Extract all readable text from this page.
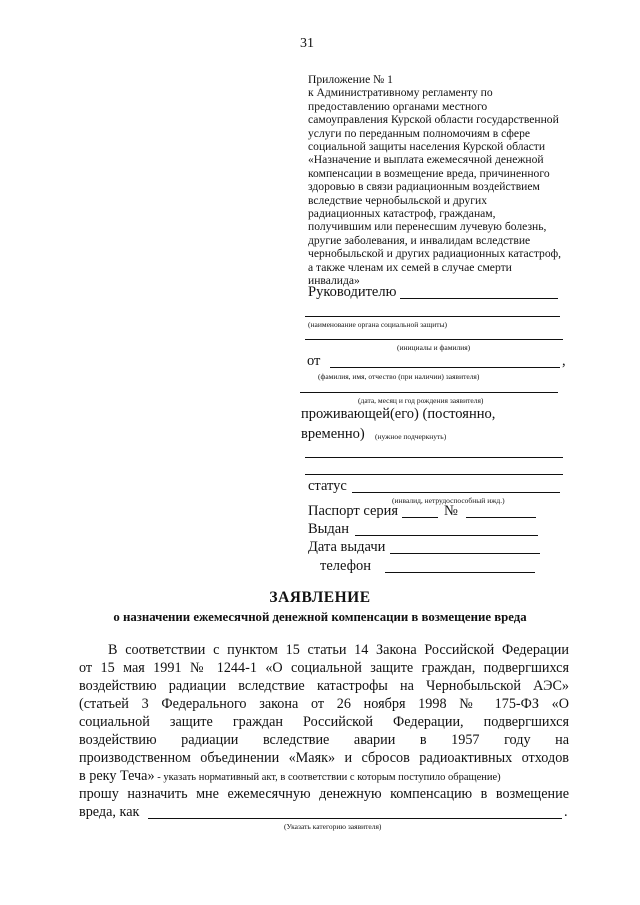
31
Приложение № 1
к Административному регламенту по
предоставлению органами местного
самоуправления Курской области государственной
услуги по переданным полномочиям в сфере
социальной защиты населения Курской области
«Назначение и выплата ежемесячной денежной
компенсации в возмещение вреда, причиненного
здоровью в связи радиационным воздействием
вследствие чернобыльской и других
радиационных катастроф, гражданам,
получившим или перенесшим лучевую болезнь,
другие заболевания, и инвалидам вследствие
чернобыльской и других радиационных катастроф,
а также членам их семей в случае смерти
инвалида»
Руководителю
(наименование органа социальной защиты)
(инициалы и фамилия)
от	,
(фамилия, имя, отчество (при наличии) заявителя)
(дата, месяц и год рождения заявителя)
проживающей(его) (постоянно,
временно) (нужное подчеркнуть)
статус
(инвалид, нетрудоспособный ижд.)
Паспорт серия	№
Выдан
Дата выдачи
телефон
ЗАЯВЛЕНИЕ
о назначении ежемесячной денежной компенсации в возмещение вреда
В соответствии с пунктом 15 статьи 14 Закона Российской Федерации
от 15 мая 1991 № 1244-1 «О социальной защите граждан, подвергшихся
воздействию радиации вследствие катастрофы на Чернобыльской АЭС»
(статьей 3 Федерального закона от 26 ноября 1998 № 175-ФЗ «О
социальной защите граждан Российской Федерации, подвергшихся
воздействию радиации вследствие аварии в 1957 году на
производственном объединении «Маяк» и сбросов радиоактивных отходов
в реку Теча» - указать нормативный акт, в соответствии с которым поступило обращение)
прошу назначить мне ежемесячную денежную компенсацию в возмещение
вреда, как	.
(Указать категорию заявителя)
